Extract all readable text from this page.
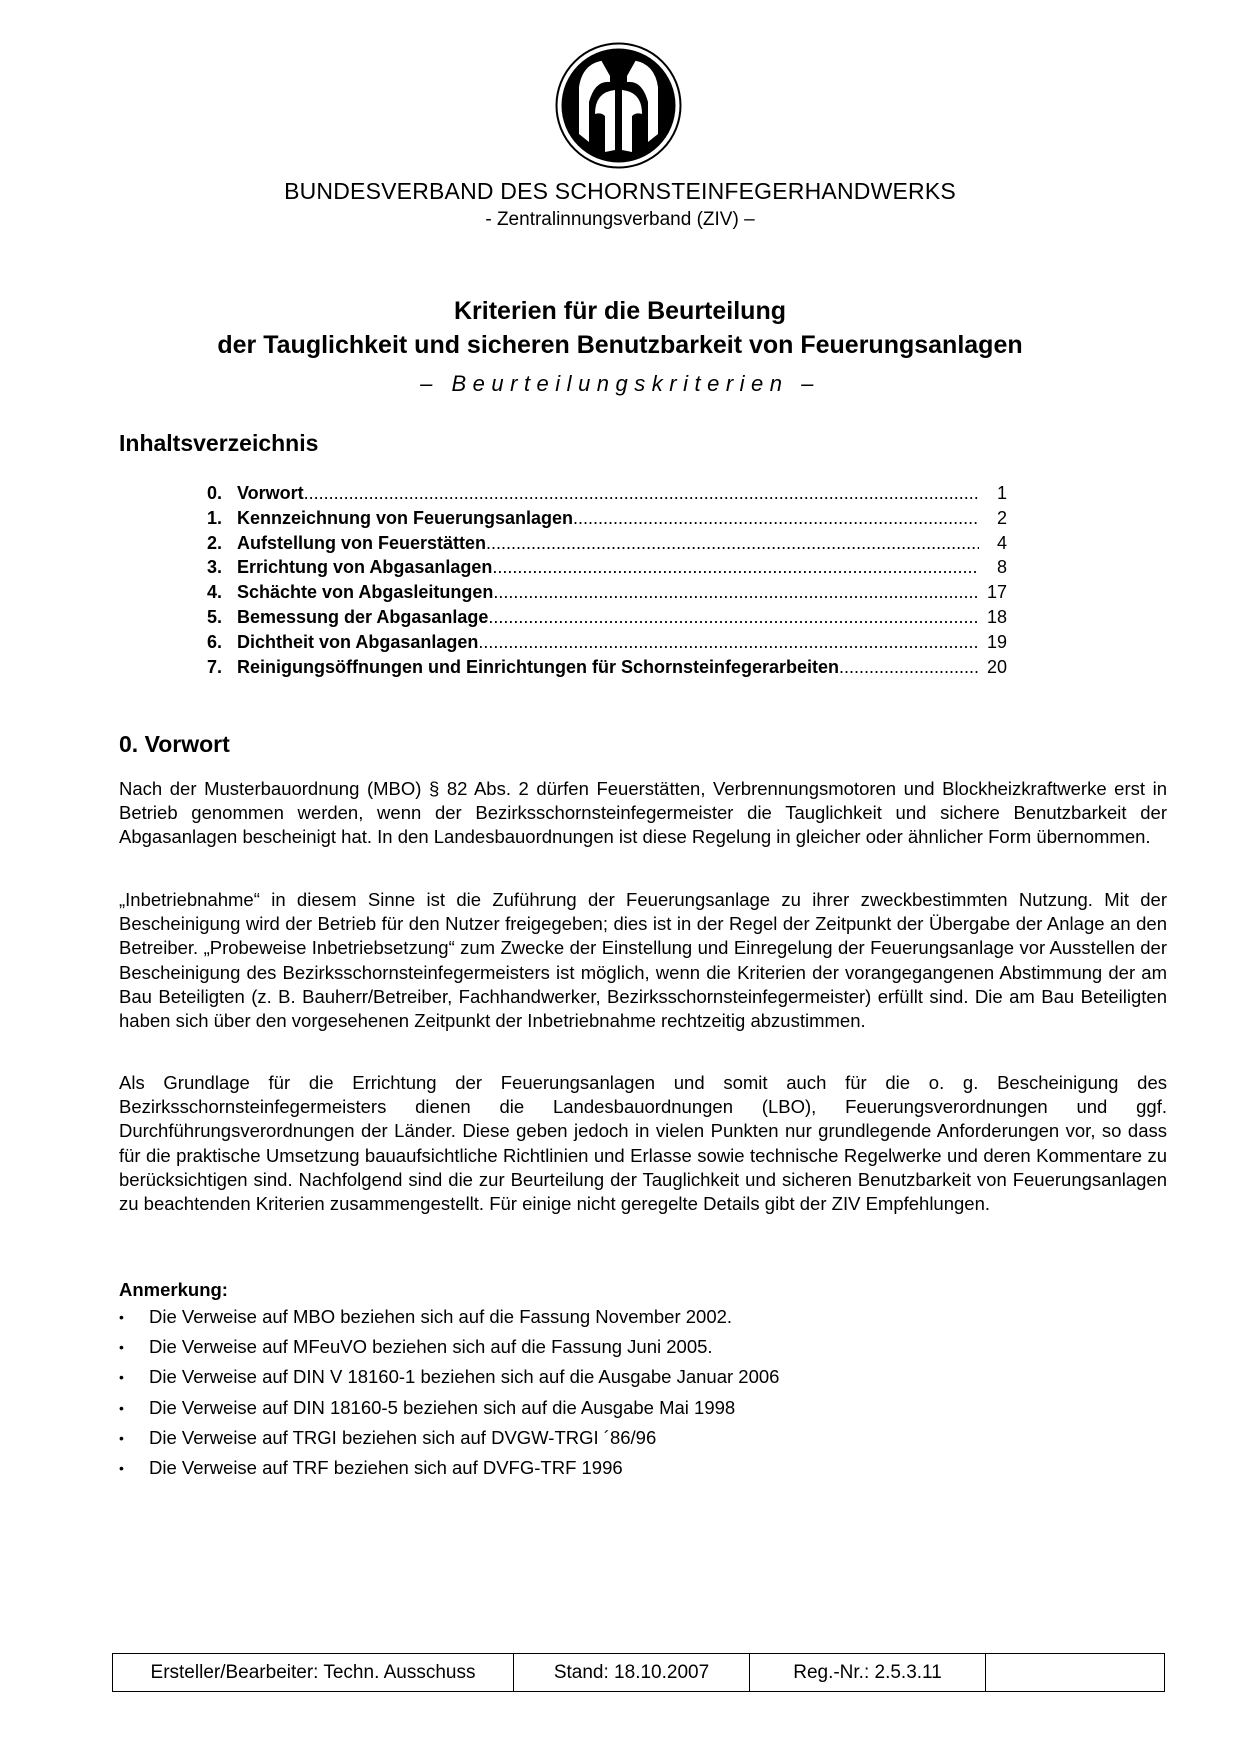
BUNDESVERBAND DES SCHORNSTEINFEGERHANDWERKS
- Zentralinnungsverband (ZIV) –
Kriterien für die Beurteilung
der Tauglichkeit und sicheren Benutzbarkeit von Feuerungsanlagen
– Beurteilungskriterien –
Inhaltsverzeichnis
0. Vorwort .....	1
1. Kennzeichnung von Feuerungsanlagen .....	2
2. Aufstellung von Feuerstätten .....	4
3. Errichtung von Abgasanlagen .....	8
4. Schächte von Abgasleitungen .....	17
5. Bemessung der Abgasanlage .....	18
6. Dichtheit von Abgasanlagen .....	19
7. Reinigungsöffnungen und Einrichtungen für Schornsteinfegerarbeiten .....	20
0. Vorwort

Nach der Musterbauordnung (MBO) § 82 Abs. 2 dürfen Feuerstätten, Verbrennungsmotoren und Blockheizkraftwerke erst in Betrieb genommen werden, wenn der Bezirksschornsteinfegermeister die Tauglichkeit und sichere Benutzbarkeit der Abgasanlagen bescheinigt hat. In den Landesbauordnungen ist diese Regelung in gleicher oder ähnlicher Form übernommen.

„Inbetriebnahme“ in diesem Sinne ist die Zuführung der Feuerungsanlage zu ihrer zweckbestimmten Nutzung. Mit der Bescheinigung wird der Betrieb für den Nutzer freigegeben; dies ist in der Regel der Zeitpunkt der Übergabe der Anlage an den Betreiber. „Probeweise Inbetriebsetzung“ zum Zwecke der Einstellung und Einregelung der Feuerungsanlage vor Ausstellen der Bescheinigung des Bezirksschornsteinfegermeisters ist möglich, wenn die Kriterien der vorangegangenen Abstimmung der am Bau Beteiligten (z. B. Bauherr/Betreiber, Fachhandwerker, Bezirksschornsteinfegermeister) erfüllt sind. Die am Bau Beteiligten haben sich über den vorgesehenen Zeitpunkt der Inbetriebnahme rechtzeitig abzustimmen.

Als Grundlage für die Errichtung der Feuerungsanlagen und somit auch für die o. g. Bescheinigung des Bezirksschornsteinfegermeisters dienen die Landesbauordnungen (LBO), Feuerungsverordnungen und ggf. Durchführungsverordnungen der Länder. Diese geben jedoch in vielen Punkten nur grundlegende Anforderungen vor, so dass für die praktische Umsetzung bauaufsichtliche Richtlinien und Erlasse sowie technische Regelwerke und deren Kommentare zu berücksichtigen sind. Nachfolgend sind die zur Beurteilung der Tauglichkeit und sicheren Benutzbarkeit von Feuerungsanlagen zu beachtenden Kriterien zusammengestellt. Für einige nicht geregelte Details gibt der ZIV Empfehlungen.

Anmerkung:
•	Die Verweise auf MBO beziehen sich auf die Fassung November 2002.
•	Die Verweise auf MFeuVO beziehen sich auf die Fassung Juni 2005.
•	Die Verweise auf DIN V 18160-1 beziehen sich auf die Ausgabe Januar 2006
•	Die Verweise auf DIN 18160-5 beziehen sich auf die Ausgabe Mai 1998
•	Die Verweise auf TRGI beziehen sich auf DVGW-TRGI ´86/96
•	Die Verweise auf TRF beziehen sich auf DVFG-TRF 1996
Ersteller/Bearbeiter: Techn. Ausschuss	Stand: 18.10.2007	Reg.-Nr.: 2.5.3.11	
